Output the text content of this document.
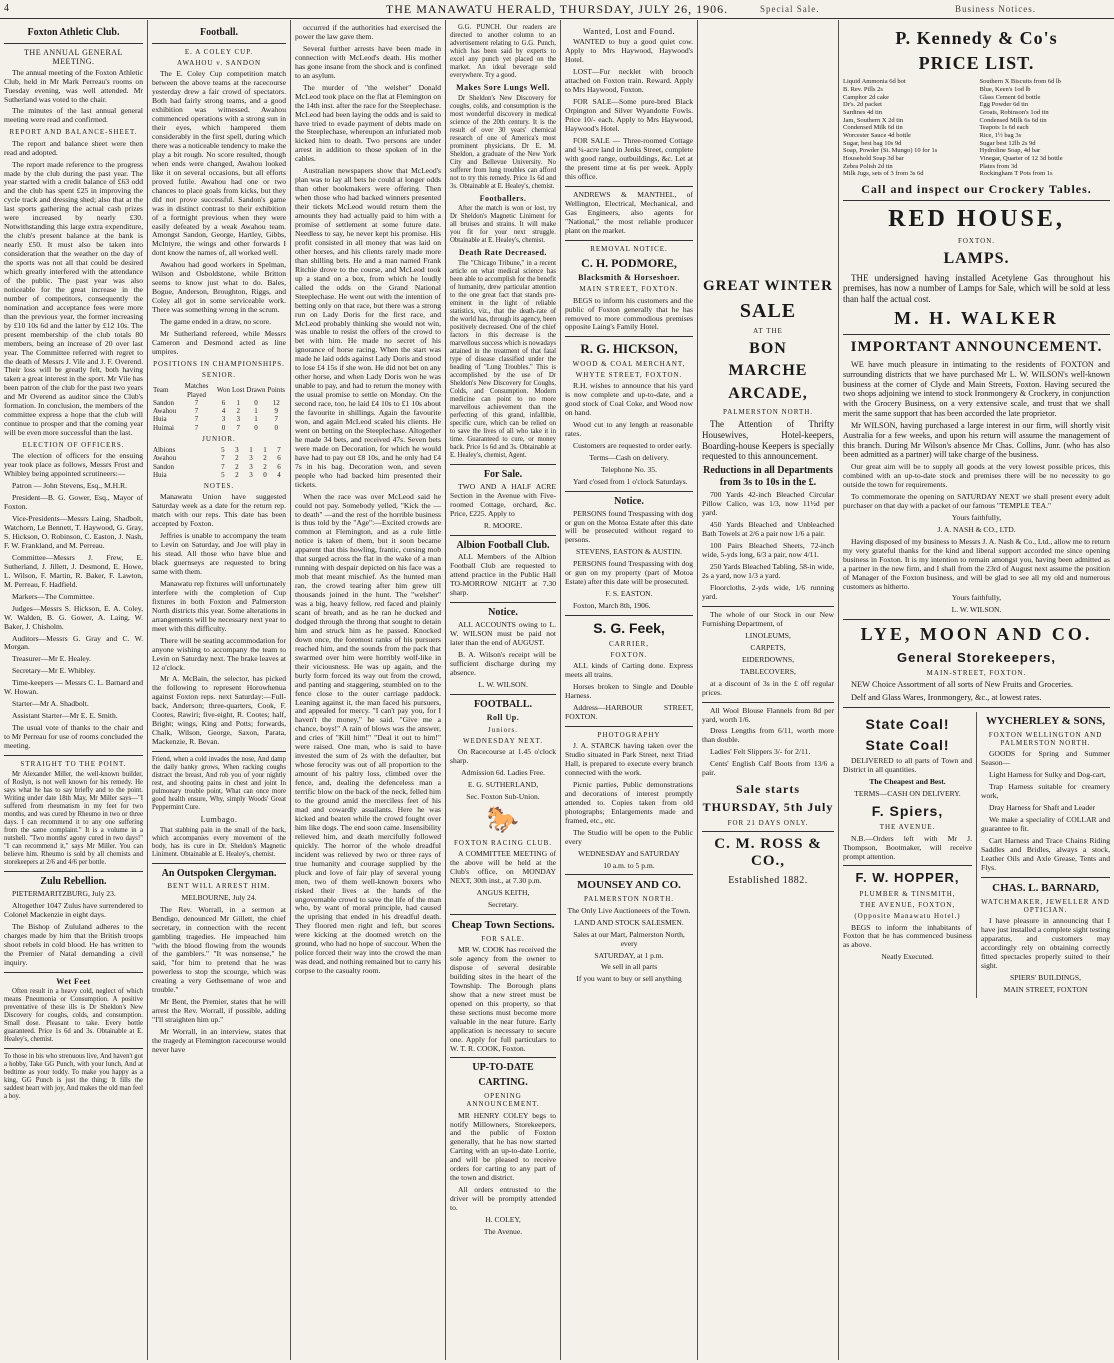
4	THE MANAWATU HERALD, THURSDAY, JULY 26, 1906.	Special Sale.	Business Notices.
Foxton Athletic Club.
THE ANNUAL GENERAL MEETING.

The annual meeting of the Foxton Athletic Club, held in Mr Mark Perreau's rooms on Tuesday evening, was well attended. Mr Sutherland was voted to the chair.

The minutes of the last annual general meeting were read and confirmed.

REPORT AND BALANCE-SHEET.

The report and balance sheet were then read and adopted.

The report made reference to the progress made by the club during the past year. The year started with a credit balance of £63 odd and the club has spent £25 in improving the cycle track and dressing shed; also that at the last sports gathering the actual cash prizes were increased by nearly £30. Notwithstanding this large extra expenditure, the club's present balance at the bank is nearly £50. It must also be taken into consideration that the weather on the day of the sports was not all that could be desired which greatly interfered with the attendance of the public. The past year was also noticeable for the great increase in the number of competitors, consequently the nomination and acceptance fees were more than the previous year, the former increasing by £10 10s 6d and the latter by £12 10s. The present membership of the club totals 80 members, being an increase of 20 over last year. The Committee referred with regret to the death of Messrs J. Vile and J. F. Overend. Their loss will be greatly felt, both having taken a great interest in the sport. Mr Vile has been patron of the club for the past two years and Mr Overend as auditor since the Club's formation. In conclusion, the members of the committee express a hope that the club will continue to prosper and that the coming year will be even more successful than the last.

ELECTION OF OFFICERS.

The election of officers for the ensuing year took place as follows, Messrs Frost and Whibley being appointed scrutineers:—

Patron — John Stevens, Esq., M.H.R.

President—B. G. Gower, Esq., Mayor of Foxton.

Vice-Presidents—Messrs Laing, Shadbolt, Watchorn, Le Bennett, T. Haywood, G. Gray, S. Hickson, O. Robinson, C. Easton, J. Nash, F. W. Frankland, and M. Perreau.

Committee—Messrs J. Frew, E. Sutherland, J. Jillett, J. Desmond, E. Howe, L. Wilson, F. Martin, R. Baker, F. Lawton, M. Perreau, F. Hadfield.

Markers—The Committee.

Judges—Messrs S. Hickson, E. A. Coley, W. Walden, B. G. Gower, A. Laing, W. Baker, J. Chisholm.

Auditors—Messrs G. Gray and C. W. Morgan.

Treasurer—Mr E. Healey.

Secretary—Mr E. Whibley.

Time-keepers — Messrs C. L. Barnard and W. Howan.

Starter—Mr A. Shadbolt.

Assistant Starter—Mr E. E. Smith.

The usual vote of thanks to the chair and to Mr Perreau for use of rooms concluded the meeting.

STRAIGHT TO THE POINT.

Mr Alexander Miller, the well-known builder, of Roslyn, is not well known for his remedy. He says what he has to say briefly and to the point. Writing under date 18th May, Mr Miller says—"I suffered from rheumatism in my feet for two months, and was cured by Rheumo in two or three days. I can recommend it to any one suffering from the same complaint." It is a volume in a nutshell. "Two months' agony cured in two days!" "I can recommend it," says Mr Miller. You can believe him. Rheumo is sold by all chemists and storekeepers at 2/6 and 4/6 per bottle.

Zulu Rebellion.

PIETERMARITZBURG, July 23.

Altogether 1047 Zulus have surrendered to Colonel Mackenzie in eight days.

The Bishop of Zululand adheres to the charges made by him that the British troops shoot rebels in cold blood. He has written to the Premier of Natal demanding a civil inquiry.

Wet Feet

Often result in a heavy cold, neglect of which means Pneumonia or Consumption. A positive preventative of these ills is Dr Sheldon's New Discovery for coughs, colds, and consumption. Small dose. Pleasant to take. Every bottle guaranteed. Price 1s 6d and 3s. Obtainable at E. Healey's, chemist.

To those in bis who strenuous live, And haven't got a hobby, Take GG Punch, with your lunch, And at bedtime as your toddy. To make you happy as a king, GG Punch is just the thing; It fills the saddest heart with joy, And makes the old man feel a boy.

Football.
E. A COLEY CUP.
AWAHOU v. SANDON

The E. Coley Cup competition match between the above teams at the racecourse yesterday drew a fair crowd of spectators. Both had fairly strong teams, and a good exhibition was witnessed. Awahou commenced operations with a strong sun in their eyes, which hampered them considerably in the first spell, during which there was a noticeable tendency to make the play a bit rough. No score resulted, though when ends were changed, Awahou looked like it on several occasions, but all efforts proved futile. Awahou had one or two chances to place goals from kicks, but they did not prove successful. Sandon's game was in distinct contrast to their exhibition of a fortnight previous when they were easily defeated by a weak Awahou team. Amongst Sandon, George, Hartley, Gibbs, McIntyre, the wings and other forwards I dont know the names of, all worked well.

Awahou had good workers in Spelman, Wilson and Osboldstone, while Britton seems to know just what to do. Bales, Bogue, Anderson, Broughton, Riggs, and Coley all got in some serviceable work. There was something wrong in the scrum.

The game ended in a draw, no score.

Mr Sutherland refereed, while Messrs Cameron and Desmond acted as line umpires.

POSITIONS IN CHAMPIONSHIPS.
SENIOR.
Team	Matches Played	Won	Lost	Drawn	Points
Sandon	7	6	1	0	12
Awahou	7	4	2	1	9
Huia	7	3	3	1	7
Huimai	7	0	7	0	0
JUNIOR.
Albions	5	3	1	1	7
Awahou	7	2	3	2	6
Sandon	7	2	3	2	6
Huia	5	2	3	0	4
NOTES.

Manawatu Union have suggested Saturday week as a date for the return rep. match with our reps. This date has been accepted by Foxton.

Jeffries is unable to accompany the team to Levin on Saturday, and Joe will play in his stead. All those who have blue and black guernseys are requested to bring same with them.

Manawatu rep fixtures will unfortunately interfere with the completion of Cup fixtures in both Foxton and Palmerston North districts this year. Some alterations in arrangements will be necessary next year to meet with this difficulty.

There will be seating accommodation for anyone wishing to accompany the team to Levin on Saturday next. The brake leaves at 12 o'clock.

Mr A. McBain, the selector, has picked the following to represent Horowhenua against Foxton reps. next Saturday:—Full-back, Anderson; three-quarters, Cook, F. Cootes, Rawiri; five-eight, R. Cootes; half, Bright; wings, King and Potts; forwards, Chalk, Wilson, George, Saxon, Parata, Mackenzie, R. Bevan.

Friend, when a cold invades the nose, And damp the daily banky grows, When racking coughs distract the breast, And rob you of your nightly rest, and shooting pains in chest and joint In pulmonary trouble point, What can once more good health ensure, Why, simply Woods' Great Peppermint Cure.

Lumbago.

That stabbing pain in the small of the back, which accompanies every movement of the body, has its cure in Dr. Sheldon's Magnetic Liniment. Obtainable at E. Healey's, chemist.

An Outspoken Clergyman.
BENT WILL ARREST HIM.

MELBOURNE, July 24.

The Rev. Worrall, in a sermon at Bendigo, denounced Mr Gillett, the chief secretary, in connection with the recent gambling tragedies. He impeached him "with the blood flowing from the wounds of the gamblers." "It was nonsense," he said, "for him to pretend that he was powerless to stop the scourge, which was creating a very Gethsemane of woe and trouble."

Mr Bent, the Premier, states that he will arrest the Rev. Worrall, if possible, adding "I'll straighten him up."

Mr Worrall, in an interview, states that the tragedy at Flemington racecourse would never have

occurred if the authorities had exercised the power the law gave them.

Several further arrests have been made in connection with McLeod's death. His mother has gone insane from the shock and is confined to an asylum.

The murder of "the welsher" Donald McLeod took place on the flat at Flemington on the 14th inst. after the race for the Steeplechase. McLeod had been laying the odds and is said to have tried to evade payment of debts made on the Steeplechase, whereupon an infuriated mob kicked him to death. Two persons are under arrest in addition to those spoken of in the cables.

Australian newspapers show that McLeod's plan was to lay all bets he could at longer odds than other bookmakers were offering. Then when those who had backed winners presented their tickets McLeod would return them the amounts they had actually paid to him with a promise of settlement at some future date. Needless to say, he never kept his promise. His profit consisted in all money that was laid on other horses, and his clients rarely made more than shilling bets. He and a man named Frank Ritchie drove to the course, and McLeod took up a stand on a box, from which he loudly called the odds on the Grand National Steeplechase. He went out with the intention of betting only on that race, but there was a strong run on Lady Doris for the first race, and McLeod probably thinking she would not win, was unable to resist the offers of the crowd to bet with him. He made no secret of his ignorance of horse racing. When the start was made he laid odds against Lady Doris and stood to lose £4 15s if she won. He did not bet on any other horse, and when Lady Doris won he was unable to pay, and had to return the money with the usual promise to settle on Monday. On the second race, too, he laid £4 10s to £1 10s about the favourite in shillings. Again the favourite won, and again McLeod scaled his clients. He went on betting on the Steeplechase. Altogether he made 34 bets, and received 47s. Seven bets were made on Decoration, for which he would have had to pay out £8 10s, and he only had £4 7s in his bag. Decoration won, and seven people who had backed him presented their tickets.

When the race was over McLeod said he could not pay. Somebody yelled, "Kick the — to death" —and the rest of the horrible business is thus told by the "Age":—Excited crowds are common at Flemington, and as a rule little notice is taken of them, but it soon became apparent that this howling, frantic, cursing mob that surged across the flat in the wake of a man running with despair depicted on his face was a mob that meant mischief. As the hunted man ran, the crowd tearing after him grew till thousands joined in the hunt. The "welsher" was a big, heavy fellow, red faced and plainly scant of breath, and as he ran he ducked and dodged through the throng that sought to detain him and struck him as he passed. Knocked down once, the foremost ranks of his pursuers reached him, and the sounds from the pack that swarmed over him were horribly wolf-like in their viciousness. He was up again, and the burly form forced its way out from the crowd, and panting and staggering, stumbled on to the fence close to the outer carriage paddock. Leaning against it, the man faced his pursuers, and appealed for mercy. "I can't pay you, for I haven't the money," he said. "Give me a chance, boys!" A rain of blows was the answer, and cries of "Kill him!" "Deal it out to him!" were raised. One man, who is said to have invested the sum of 2s with the defaulter, but whose ferocity was out of all proportion to the amount of his paltry loss, climbed over the fence, and, dealing the defenceless man a terrific blow on the back of the neck, felled him to the ground amid the merciless feet of his mad and cowardly assailants. Here he was kicked and beaten while the crowd fought over him like dogs. The end soon came. Insensibility relieved him, and death mercifully followed quickly. The horror of the whole dreadful incident was relieved by two or three rays of true humanity and courage supplied by the pluck and love of fair play of several young men, two of them well-known boxers who risked their lives at the hands of the ungovernable crowd to save the life of the man who, by want of moral principle, had caused the uprising that ended in his dreadful death. They floored men right and left, but scores were kicking at the doomed wretch on the ground, who had no hope of succour. When the police forced their way into the crowd the man was dead, and nothing remained but to carry his corpse to the casualty room.

G.G. PUNCH. Our readers are directed to another column to an advertisement relating to G.G. Punch, which has been said by experts to excel any punch yet placed on the market. An ideal beverage sold everywhere. Try a good.

Makes Sore Lungs Well.

Dr Sheldon's New Discovery for coughs, colds, and consumption is the most wonderful discovery in medical science of the 20th century. It is the result of over 30 years' chemical research of one of America's most prominent physicians, Dr E. M. Sheldon, a graduate of the New York City and Bellevue University. No sufferer from lung troubles can afford not to try this remedy. Price 1s 6d and 3s. Obtainable at E. Healey's, chemist.

Footballers.

After the match is won or lost, try Dr Sheldon's Magnetic Liniment for all bruises and strains. It will make you fit for your next struggle. Obtainable at E. Healey's, chemist.

Death Rate Decreased.

The "Chicago Tribune," in a recent article on what medical science has been able to accomplish for the benefit of humanity, drew particular attention to the one great fact that stands pre-eminent in the light of reliable statistics, viz., that the death-rate of the world has, through its agency, been positively decreased. One of the chief factors in this decrease is the marvellous success which is nowadays attained in the treatment of that fatal type of disease classified under the heading of "Lung Troubles." This is accomplished by the use of Dr Sheldon's New Discovery for Coughs, Colds, and Consumption. Modern medicine can point to no more marvellous achievement than the perfecting of this grand, infallible, specific cure, which can be relied on to save the lives of all who take it in time. Guaranteed to cure, or money back. Price 1s 6d and 3s. Obtainable at E. Healey's, chemist, Agent.

For Sale.

TWO AND A HALF ACRE Section in the Avenue with Five-roomed Cottage, orchard, &c. Price, £225. Apply to

R. MOORE.

Albion Football Club.

ALL Members of the Albion Football Club are requested to attend practice in the Public Hall TO-MORROW NIGHT at 7.30 sharp.

Notice.

ALL ACCOUNTS owing to L. W. WILSON must be paid not later than the end of AUGUST.

B. A. Wilson's receipt will be sufficient discharge during my absence.

L. W. WILSON.

FOOTBALL.
Roll Up.
Juniors.
WEDNESDAY NEXT.

On Racecourse at 1.45 o'clock sharp.

Admission 6d. Ladies Free.

E. G. SUTHERLAND,

Sec. Foxton Sub-Union.

🐎
FOXTON RACING CLUB.

A COMMITTEE MEETING of the above will be held at the Club's office, on MONDAY NEXT, 30th inst., at 7.30 p.m.

ANGUS KEITH,

Secretary.

Cheap Town Sections.
FOR SALE.

MR W. COOK has received the sole agency from the owner to dispose of several desirable building sites in the heart of the Township. The Borough plans show that a new street must be opened on this property, so that these sections must become more valuable in the near future. Early application is necessary to secure one. Apply for full particulars to W. T. R. COOK, Foxton.

UP-TO-DATE
CARTING.
OPENING ANNOUNCEMENT.

MR HENRY COLEY begs to notify Millowners, Storekeepers, and the public of Foxton generally, that he has now started Carting with an up-to-date Lorrie, and will be pleased to receive orders for carting to any part of the town and district.

All orders entrusted to the driver will be promptly attended to.

H. COLEY,

The Avenue.

Wanted, Lost and Found.

WANTED to buy a good quiet cow. Apply to Mrs Haywood, Haywood's Hotel.

LOST—Fur necklet with brooch attached on Foxton train. Reward. Apply to Mrs Haywood, Foxton.

FOR SALE—Some pure-bred Black Orpington and Silver Wyandotte Fowls. Price 10/- each. Apply to Mrs Haywood, Haywood's Hotel.

FOR SALE — Three-roomed Cottage and ¼-acre land in Jenks Street, complete with good range, outbuildings, &c. Let at the present time at 6s per week. Apply this office.

ANDREWS & MANTHEL, of Wellington, Electrical, Mechanical, and Gas Engineers, also agents for "National," the most reliable producer plant on the market.

REMOVAL NOTICE.
C. H. PODMORE,
Blacksmith & Horseshoer.
MAIN STREET, FOXTON.

BEGS to inform his customers and the public of Foxton generally that he has removed to more commodious premises opposite Laing's Family Hotel.

R. G. HICKSON,
WOOD & COAL MERCHANT,
WHYTE STREET, FOXTON.

R.H. wishes to announce that his yard is now complete and up-to-date, and a good stock of Coal Coke, and Wood now on hand.

Wood cut to any length at reasonable rates.

Customers are requested to order early.

Terms—Cash on delivery.

Telephone No. 35.

Yard c'osed from 1 o'clock Saturdays.

Notice.

PERSONS found Trespassing with dog or gun on the Motoa Estate after this date will be prosecuted without regard to persons.

STEVENS, EASTON & AUSTIN.

PERSONS found Trespassing with dog or gun on my property (part of Motoa Estate) after this date will be prosecuted.

F. S. EASTON.

Foxton, March 8th, 1906.

S. G. Feek,
CARRIER,
FOXTON.

ALL kinds of Carting done. Express meets all trains.

Horses broken to Single and Double Harness.

Address—HARBOUR STREET, FOXTON.

PHOTOGRAPHY

J. A. STARCK having taken over the Studio situated in Park Street, next Triad Hall, is prepared to execute every branch connected with the work.

Picnic parties, Public demonstrations and decorations of interest promptly attended to. Copies taken from old photographs; Enlargements made and framed, etc., etc.

The Studio will be open to the Public every

WEDNESDAY and SATURDAY

10 a.m. to 5 p.m.

MOUNSEY AND CO.
PALMERSTON NORTH.

The Only Live Auctioneers of the Town.

LAND AND STOCK SALESMEN.

Sales at our Mart, Palmerston North, every

SATURDAY, at 1 p.m.

We sell in all parts

If you want to buy or sell anything

GREAT WINTER
SALE
AT THE
BON
MARCHE
ARCADE,
PALMERSTON NORTH.

The Attention of Thrifty Housewives, Hotel-keepers, Boarding-house Keepers is specially requested to this announcement.

Reductions in all Departments from 3s to 10s in the £.

700 Yards 42-inch Bleached Circular Pillow Calico, was 1/3, now 11½d per yard.

450 Yards Bleached and Unbleached Bath Towels at 2/6 a pair now 1/6 a pair.

100 Pairs Bleached Sheets, 72-inch wide, 5-yds long, 6/3 a pair, now 4/11.

250 Yards Bleached Tabling, 58-in wide, 2s a yard, now 1/3 a yard.

Floorcloths, 2-yds wide, 1/6 running yard.

The whole of our Stock in our New Furnishing Department, of

LINOLEUMS,

CARPETS,

EIDERDOWNS,

TABLECOVERS,

at a discount of 3s in the £ off regular prices.

All Wool Blouse Flannels from 8d per yard, worth 1/6.

Dress Lengths from 6/11, worth more than double.

Ladies' Felt Slippers 3/- for 2/11.

Cents' English Calf Boots from 13/6 a pair.

Sale starts
THURSDAY, 5th July
FOR 21 DAYS ONLY.
C. M. ROSS & CO.,
Established 1882.
P. Kennedy & Co's
PRICE LIST.
Liquid Ammonia 6d bot
B. Rev. Pills 2s
Camphor 2d cake
Dr's. 2d packet
Sardines 4d tin
Jam, Southern X 2d tin
Condensed Milk 6d tin
Worcester Sauce 4d bottle
Sugar, best bag 10s 9d
Soap, Powder (St. Mungo) 10 for 1s
Household Soap 3d bar
Zebra Polish 2d tin
Milk Jugs, sets of 3 from 3s 6d
Southern X Biscuits from 6d lb
Blue, Keen's 1od lb
Glass Cement 6d bottle
Egg Powder 6d tin
Groats, Robinson's 1od tin
Condensed Milk 6s 6d tin
Teapots 1s 6d each
Rice, 1½ bag 3s
Sugar best 12lb 2s 9d
Hydroline Soap, 4d bar
Vinegar, Quarter of 12 3d bottle
Plates from 3d
Rockingham T Pots from 1s
Call and inspect our Crockery Tables.
RED HOUSE,
FOXTON.
LAMPS.

THE undersigned having installed Acetylene Gas throughout his premises, has now a number of Lamps for Sale, which will be sold at less than half the actual cost.

M. H. WALKER
IMPORTANT ANNOUNCEMENT.

WE have much pleasure in intimating to the residents of FOXTON and surrounding districts that we have purchased Mr L. W. WILSON's well-known business at the corner of Clyde and Main Streets, Foxton. Having secured the two shops adjoining we intend to stock Ironmongery & Crockery, in conjunction with the Grocery Business, on a very extensive scale, and trust that we shall merit the same support that has been accorded the late proprietor.

Mr WILSON, having purchased a large interest in our firm, will shortly visit Australia for a few weeks, and upon his return will assume the management of this branch. During Mr Wilson's absence Mr Chas. Collins, Junr. (who has also been admitted as a partner) will take charge of the business.

Our great aim will be to supply all goods at the very lowest possible prices, this combined with an up-to-date stock and premises there will be no necessity to go outside the town for requirements.

To commemorate the opening on SATURDAY NEXT we shall present every adult purchaser on that day with a packet of our famous "TEMPLE TEA."

Yours faithfully,

J. A. NASH & CO., LTD.

Having disposed of my business to Messrs J. A. Nash & Co., Ltd., allow me to return my very grateful thanks for the kind and liberal support accorded me since opening business in Foxton. It is my intention to remain amongst you, having been admitted as a partner in the new firm, and I shall from the 23rd of August next assume the position of Manager of the Foxton business, and will be glad to see all my old and numerous customers as hitherto.

Yours faithfully,

L. W. WILSON.

LYE, MOON AND CO.
General Storekeepers,
MAIN-STREET, FOXTON.

NEW Choice Assortment of all sorts of New Fruits and Groceries.

Delf and Glass Wares, Ironmongery, &c., at lowest rates.

State Coal!
State Coal!

DELIVERED to all parts of Town and District in all quantities.

The Cheapest and Best.

TERMS—CASH ON DELIVERY.

F. Spiers,
THE AVENUE.

N.B.—Orders left with Mr J. Thompson, Bootmaker, will receive prompt attention.

F. W. HOPPER,
PLUMBER & TINSMITH,
THE AVENUE, FOXTON,
(Opposite Manawatu Hotel.)

BEGS to inform the inhabitants of Foxton that he has commenced business as above.

Neatly Executed.

WYCHERLEY & SONS,
FOXTON WELLINGTON AND PALMERSTON NORTH.

GOODS for Spring and Summer Season—

Light Harness for Sulky and Dog-cart,

Trap Harness suitable for creamery work,

Dray Harness for Shaft and Leader

We make a speciality of COLLAR and guarantee to fit.

Cart Harness and Trace Chains Riding Saddles and Bridles, always a stock, Leather Oils and Axle Grease, Tents and Flys.

CHAS. L. BARNARD,
WATCHMAKER, JEWELLER AND OPTICIAN.

I have pleasure in announcing that I have just installed a complete sight testing apparatus, and customers may accordingly rely on obtaining correctly fitted spectacles properly suited to their sight.

SPIERS' BUILDINGS,

MAIN STREET, FOXTON
